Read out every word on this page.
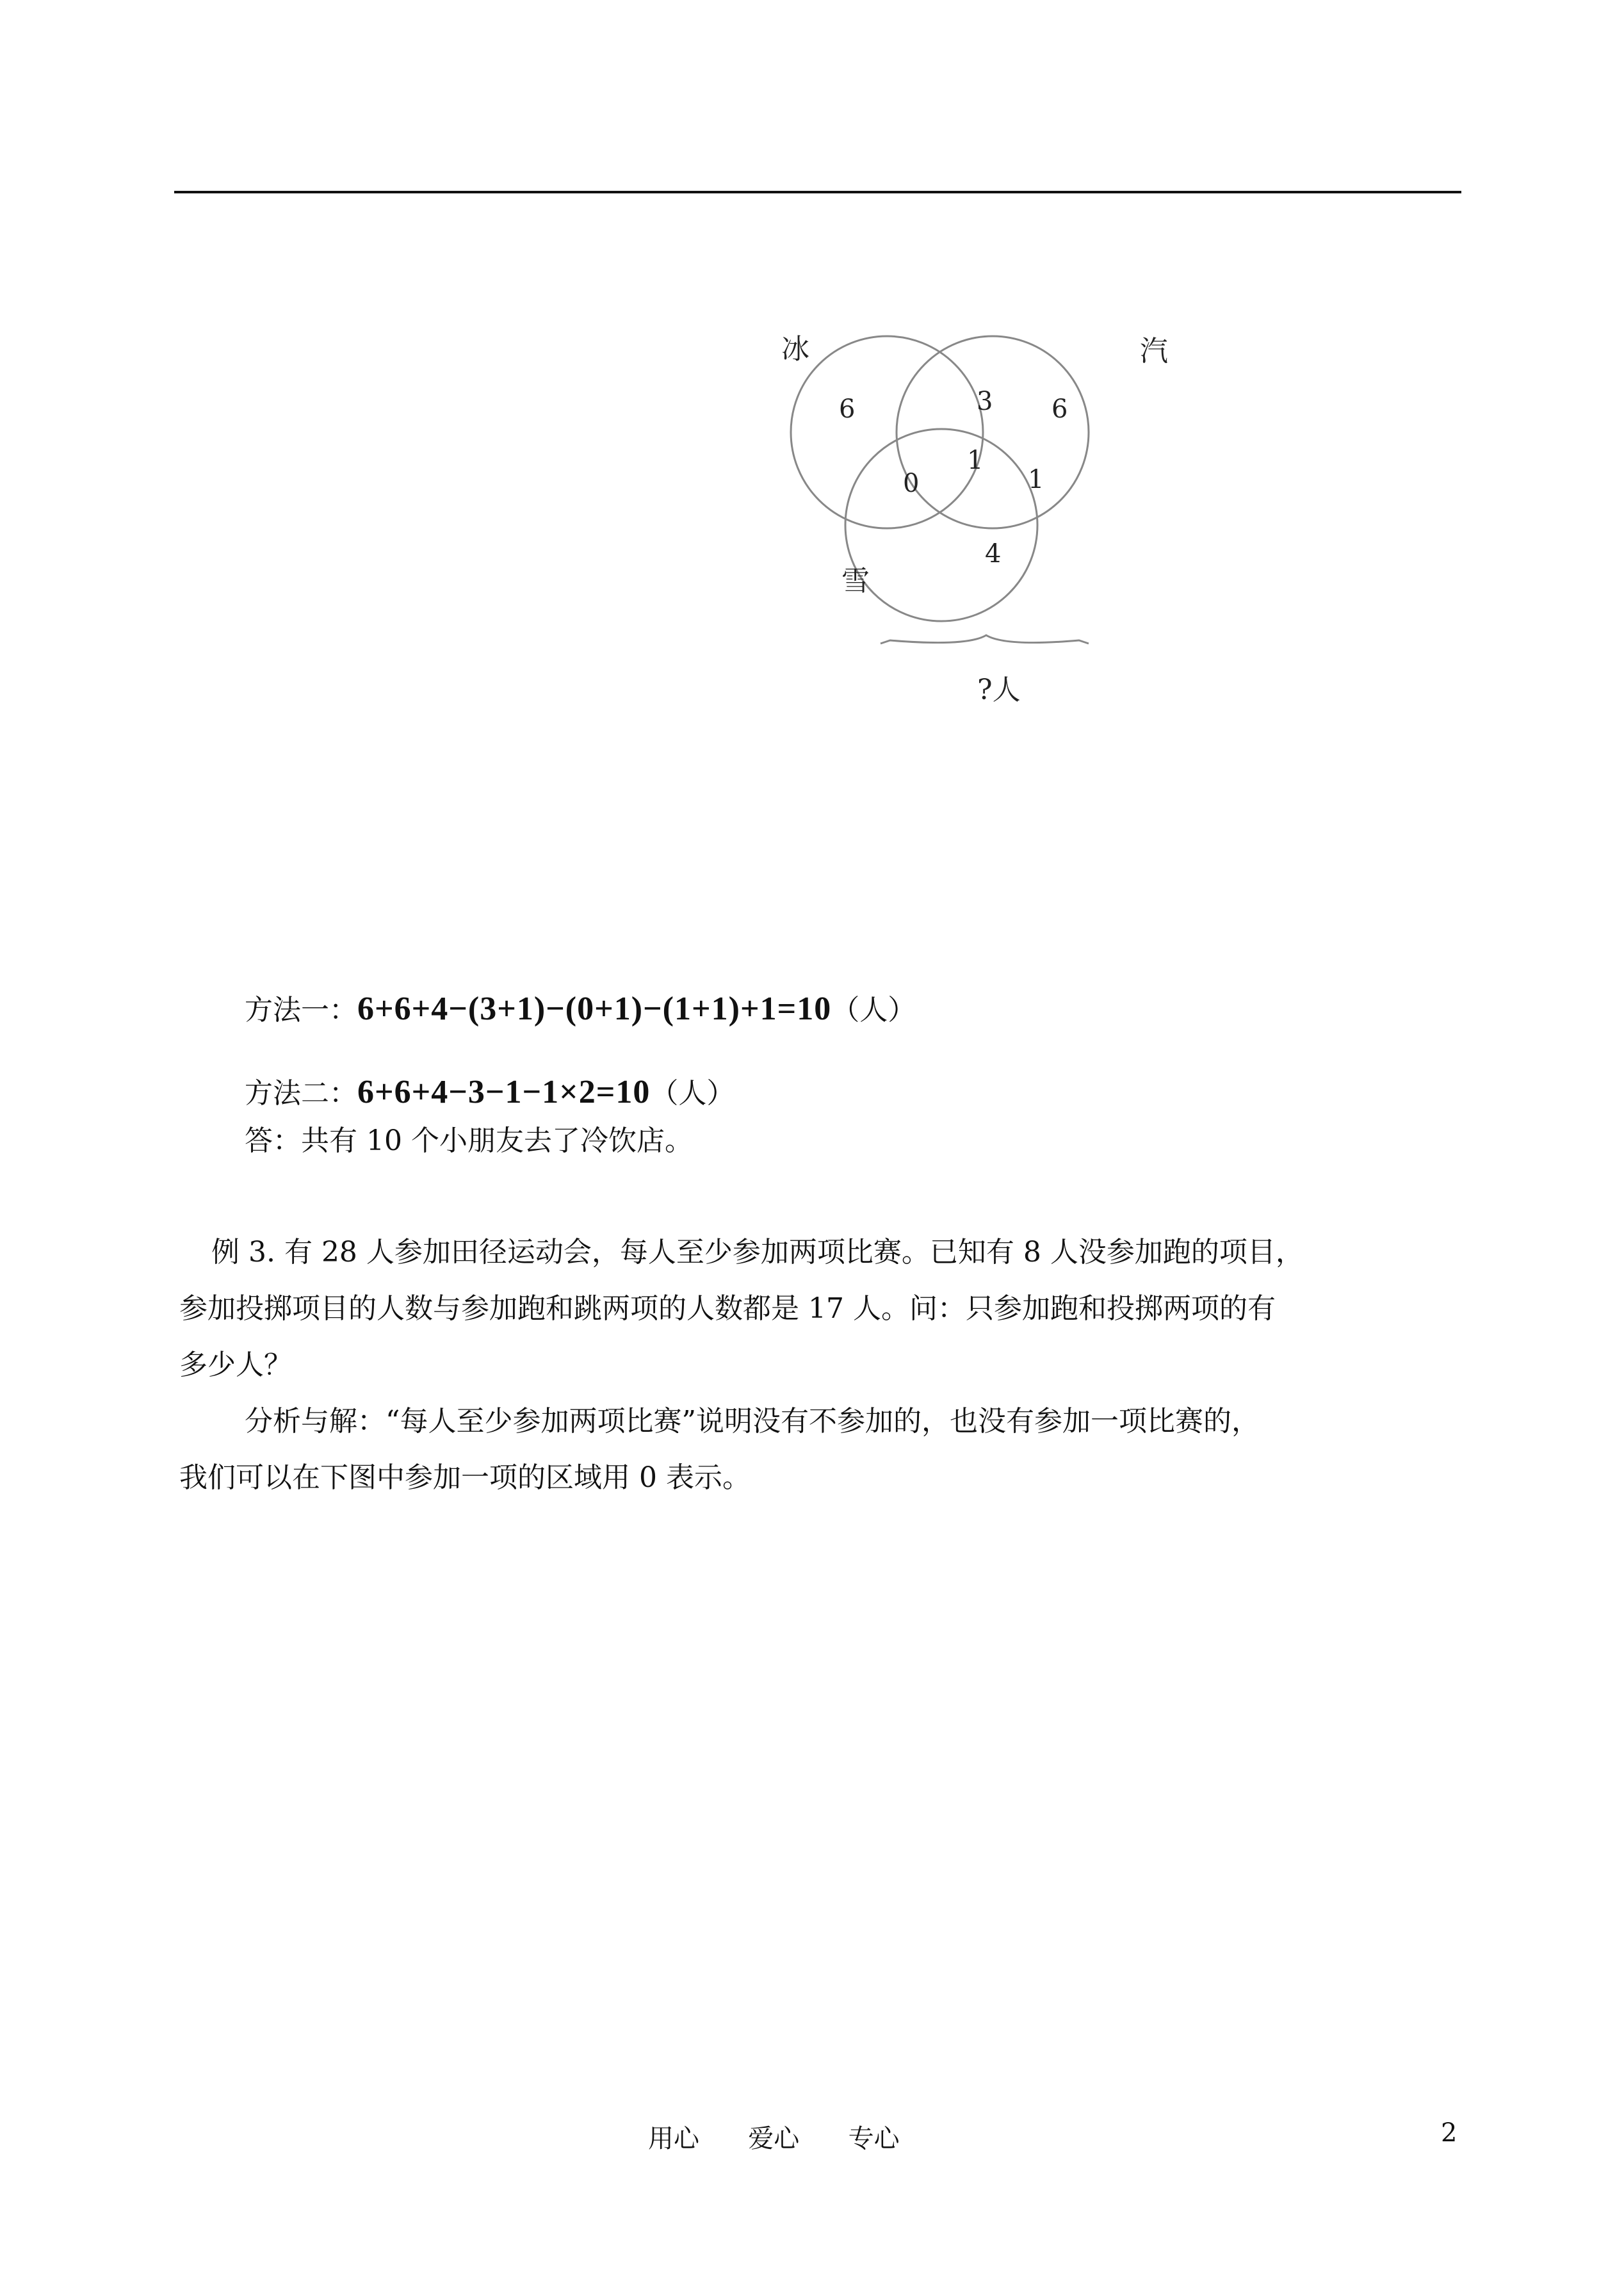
冰	汽
雪
?人
6	3 6
1
0	1
4
方法一：6+6+4−(3+1)−(0+1)−(1+1)+1=10（人）
方法二：6+6+4−3−1−1×2=10（人）
答：共有 10 个小朋友去了冷饮店。

例 3. 有 28 人参加田径运动会，每人至少参加两项比赛。已知有 8 人没参加跑的项目，

参加投掷项目的人数与参加跑和跳两项的人数都是 17 人。问：只参加跑和投掷两项的有

多少人？

分析与解：“每人至少参加两项比赛”说明没有不参加的，也没有参加一项比赛的，

我们可以在下图中参加一项的区域用 0 表示。

用心      爱心      专心	2
